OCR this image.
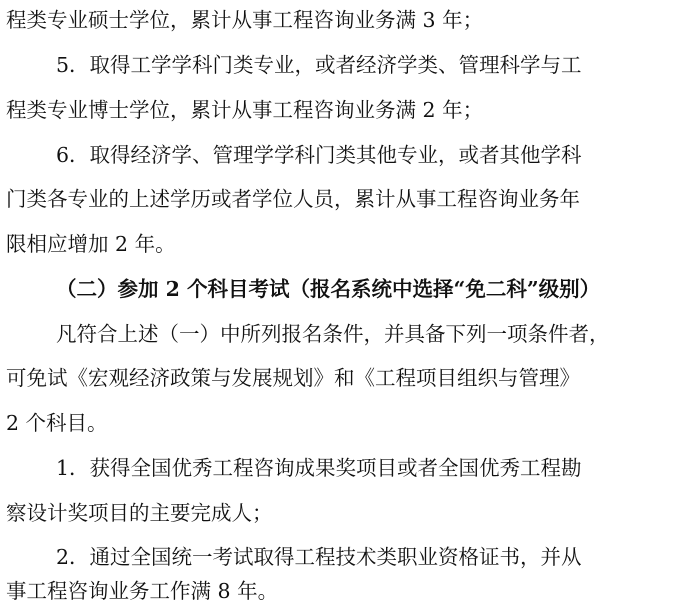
程类专业硕士学位，累计从事工程咨询业务满 3 年；
5．取得工学学科门类专业，或者经济学类、管理科学与工
程类专业博士学位，累计从事工程咨询业务满 2 年；
6．取得经济学、管理学学科门类其他专业，或者其他学科
门类各专业的上述学历或者学位人员，累计从事工程咨询业务年
限相应增加 2 年。
（二）参加 2 个科目考试（报名系统中选择“免二科”级别）
凡符合上述（一）中所列报名条件，并具备下列一项条件者，
可免试《宏观经济政策与发展规划》和《工程项目组织与管理》
2 个科目。
1．获得全国优秀工程咨询成果奖项目或者全国优秀工程勘
察设计奖项目的主要完成人；
2．通过全国统一考试取得工程技术类职业资格证书，并从
事工程咨询业务工作满 8 年。
